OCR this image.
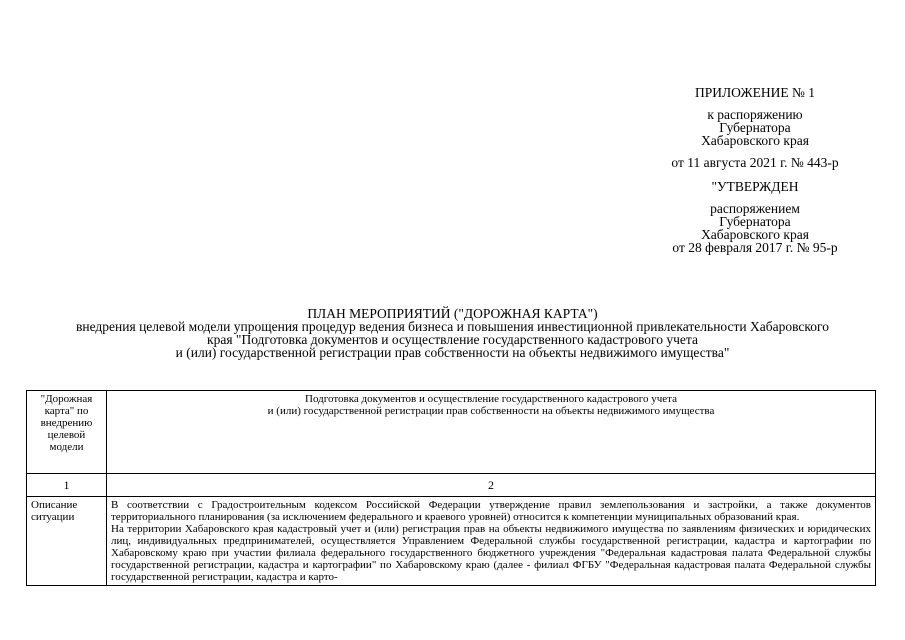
ПРИЛОЖЕНИЕ № 1
к распоряжению
Губернатора
Хабаровского края
от 11 августа 2021 г. № 443-р
"УТВЕРЖДЕН
распоряжением
Губернатора
Хабаровского края
от 28 февраля 2017 г. № 95-р
ПЛАН МЕРОПРИЯТИЙ ("ДОРОЖНАЯ КАРТА")
внедрения целевой модели упрощения процедур ведения бизнеса и повышения инвестиционной привлекательности Хабаровского
края "Подготовка документов и осуществление государственного кадастрового учета
и (или) государственной регистрации прав собственности на объекты недвижимого имущества"
"Дорожная карта" по внедрению целевой модели	Подготовка документов и осуществление государственного кадастрового учета
и (или) государственной регистрации прав собственности на объекты недвижимого имущества

1	2
Описание ситуации	В соответствии с Градостроительным кодексом Российской Федерации утверждение правил землепользования и застройки, а также документов территориального планирования (за исключением федерального и краевого уровней) относится к компетенции муниципальных образований края.

На территории Хабаровского края кадастровый учет и (или) регистрация прав на объекты недвижимого имущества по заявлениям физических и юридических лиц, индивидуальных предпринимателей, осуществляется Управлением Федеральной службы государственной регистрации, кадастра и картографии по Хабаровскому краю при участии филиала федерального государственного бюджетного учреждения "Федеральная кадастровая палата Федеральной службы государственной регистрации, кадастра и картографии" по Хабаровскому краю (далее - филиал ФГБУ "Федеральная кадастровая палата Федеральной службы государственной регистрации, кадастра и карто-
